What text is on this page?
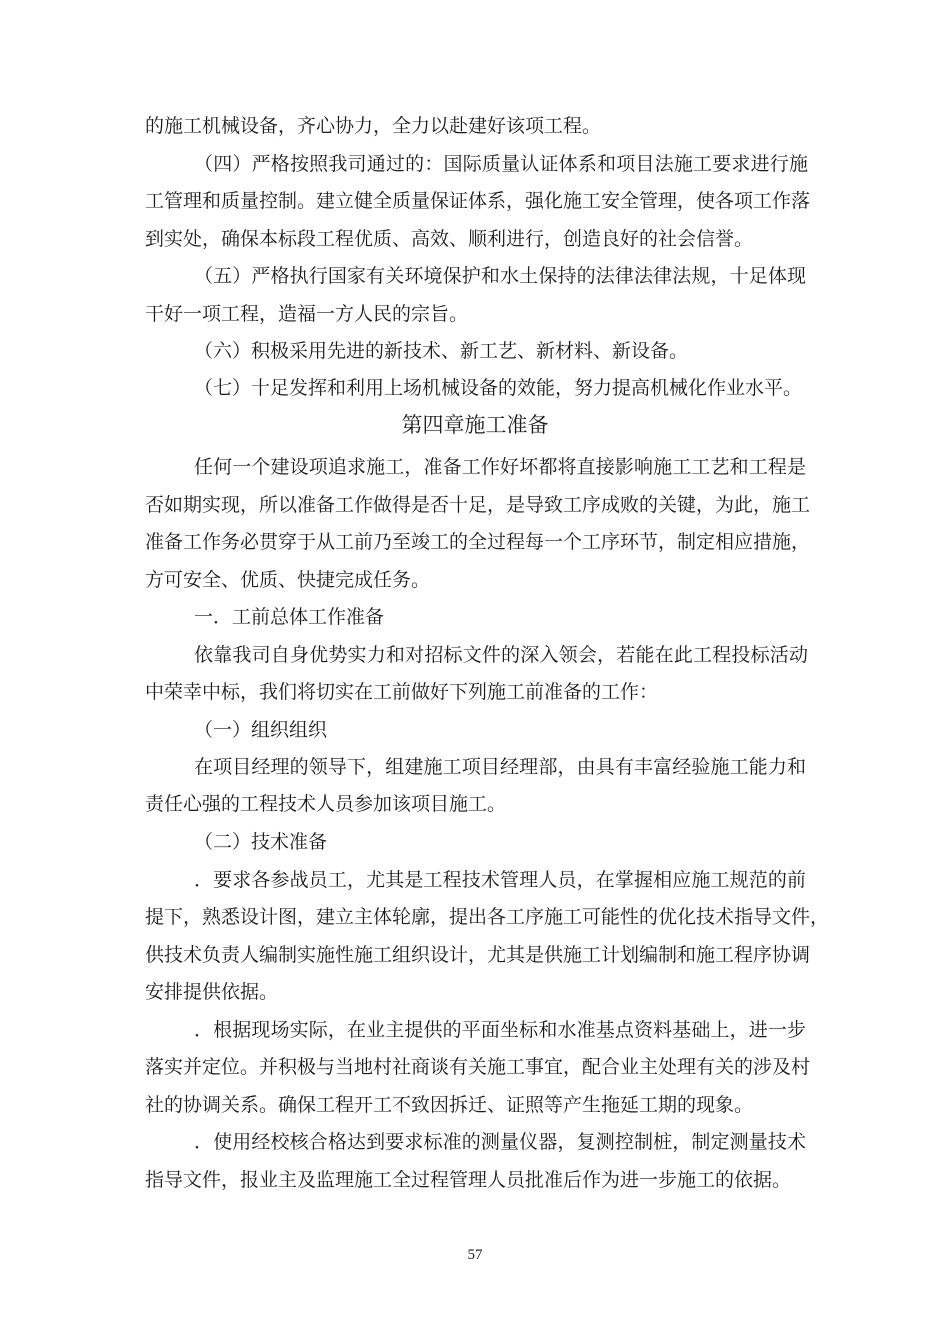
的施工机械设备，齐心协力，全力以赴建好该项工程。
（四）严格按照我司通过的：国际质量认证体系和项目法施工要求进行施
工管理和质量控制。建立健全质量保证体系，强化施工安全管理，使各项工作落
到实处，确保本标段工程优质、高效、顺利进行，创造良好的社会信誉。
（五）严格执行国家有关环境保护和水土保持的法律法律法规，十足体现
干好一项工程，造福一方人民的宗旨。
（六）积极采用先进的新技术、新工艺、新材料、新设备。
（七）十足发挥和利用上场机械设备的效能，努力提高机械化作业水平。
第四章施工准备
任何一个建设项追求施工，准备工作好坏都将直接影响施工工艺和工程是
否如期实现，所以准备工作做得是否十足，是导致工序成败的关键，为此，施工
准备工作务必贯穿于从工前乃至竣工的全过程每一个工序环节，制定相应措施，
方可安全、优质、快捷完成任务。
一．工前总体工作准备
依靠我司自身优势实力和对招标文件的深入领会，若能在此工程投标活动
中荣幸中标，我们将切实在工前做好下列施工前准备的工作：
（一）组织组织
在项目经理的领导下，组建施工项目经理部，由具有丰富经验施工能力和
责任心强的工程技术人员参加该项目施工。
（二）技术准备
．要求各参战员工，尤其是工程技术管理人员，在掌握相应施工规范的前
提下，熟悉设计图，建立主体轮廓，提出各工序施工可能性的优化技术指导文件，
供技术负责人编制实施性施工组织设计，尤其是供施工计划编制和施工程序协调
安排提供依据。
．根据现场实际，在业主提供的平面坐标和水准基点资料基础上，进一步
落实并定位。并积极与当地村社商谈有关施工事宜，配合业主处理有关的涉及村
社的协调关系。确保工程开工不致因拆迁、证照等产生拖延工期的现象。
．使用经校核合格达到要求标准的测量仪器，复测控制桩，制定测量技术
指导文件，报业主及监理施工全过程管理人员批准后作为进一步施工的依据。
57
